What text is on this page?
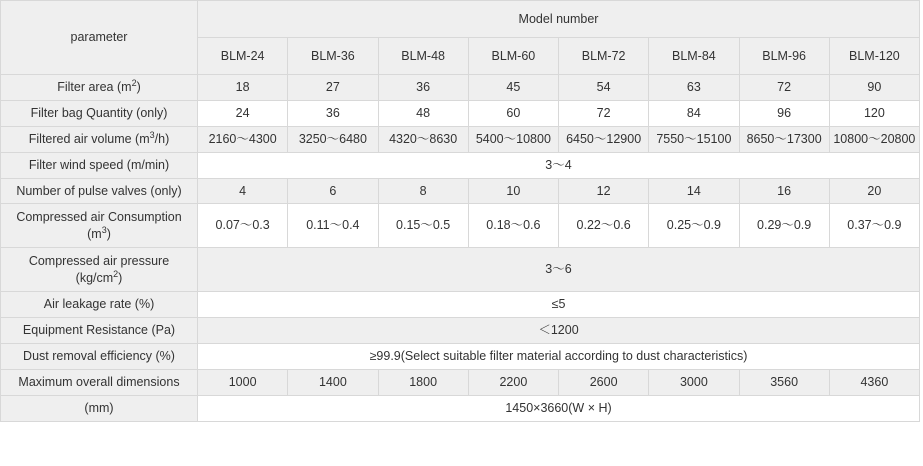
parameter	Model number							
	BLM-24	BLM-36	BLM-48	BLM-60	BLM-72	BLM-84	BLM-96	BLM-120
Filter area $(m^2)$	18	27	36	45	54	63	72	90
Filter bag Quantity (only)	24	36	48	60	72	84	96	120
Filtered air volume $(m^3/h)$	2160～4300	3250～6480	4320～8630	5400～10800	6450～12900	7550～15100	8650～17300	10800～20800
Filter wind speed (m/min)	3～4							
Number of pulse valves (only)	4	6	8	10	12	14	16	20
Compressed air Consumption
$(m^3)$	0.07～0.3	0.11～0.4	0.15～0.5	0.18～0.6	0.22～0.6	0.25～0.9	0.29～0.9	0.37～0.9
Compressed air pressure
$(kg/cm^2)$	3～6							
Air leakage rate (%)	≤5							
Equipment Resistance (Pa)	＜1200							
Dust removal efficiency (%)	≥99.9(Select suitable filter material according to dust characteristics)							
Maximum overall dimensions	1000	1400	1800	2200	2600	3000	3560	4360
(mm)	1450×3660(W × H)							
